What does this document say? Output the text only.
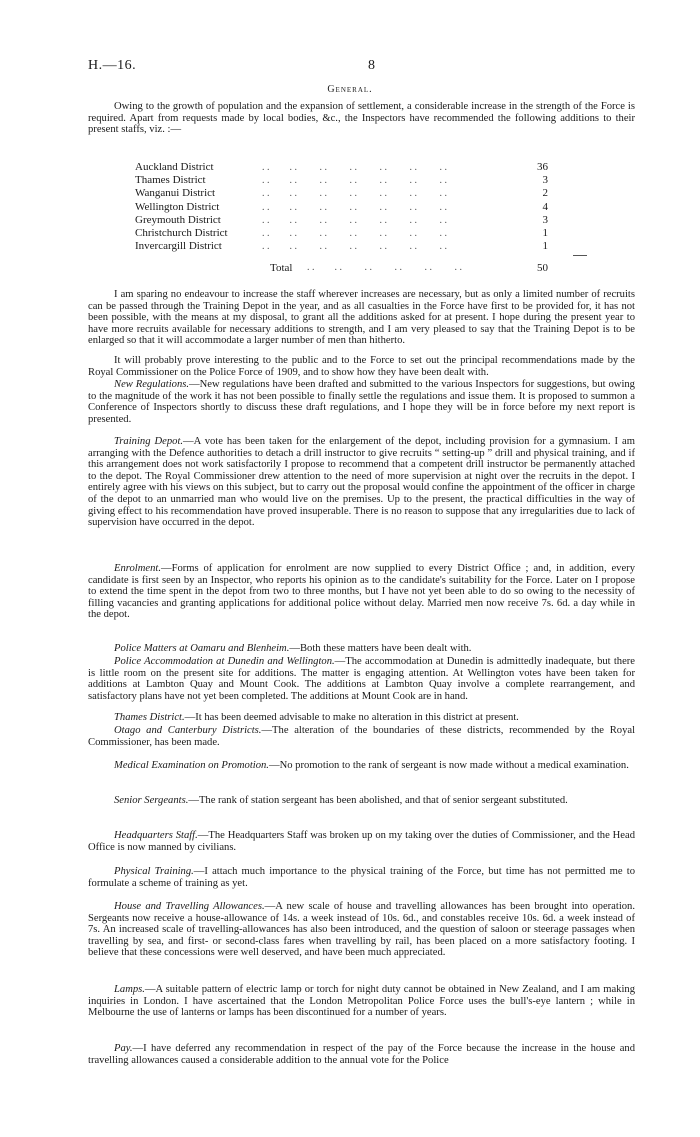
H.—16.	8
General.

Owing to the growth of population and the expansion of settlement, a considerable increase in the strength of the Force is required. Apart from requests made by local bodies, &c., the Inspectors have recommended the following additions to their present staffs, viz. :—

Auckland District	. .        . .         . .         . .         . .         . .         . .	36
Thames District	. .        . .         . .         . .         . .         . .         . .	3
Wanganui District	. .        . .         . .         . .         . .         . .         . .	2
Wellington District	. .        . .         . .         . .         . .         . .         . .	4
Greymouth District	. .        . .         . .         . .         . .         . .         . .	3
Christchurch District	. .        . .         . .         . .         . .         . .         . .	1
Invercargill District	. .        . .         . .         . .         . .         . .         . .	1
Total . .        . .         . .         . .         . .         . .	50

I am sparing no endeavour to increase the staff wherever increases are necessary, but as only a limited number of recruits can be passed through the Training Depot in the year, and as all casualties in the Force have first to be provided for, it has not been possible, with the means at my disposal, to grant all the additions asked for at present. I hope during the present year to have more recruits available for necessary additions to strength, and I am very pleased to say that the Training Depot is to be enlarged so that it will accommodate a larger number of men than hitherto.

It will probably prove interesting to the public and to the Force to set out the principal recommendations made by the Royal Commissioner on the Police Force of 1909, and to show how they have been dealt with.

New Regulations.—New regulations have been drafted and submitted to the various Inspectors for suggestions, but owing to the magnitude of the work it has not been possible to finally settle the regulations and issue them. It is proposed to summon a Conference of Inspectors shortly to discuss these draft regulations, and I hope they will be in force before my next report is presented.

Training Depot.—A vote has been taken for the enlargement of the depot, including provision for a gymnasium. I am arranging with the Defence authorities to detach a drill instructor to give recruits “ setting-up ” drill and physical training, and if this arrangement does not work satisfactorily I propose to recommend that a competent drill instructor be permanently attached to the depot. The Royal Commissioner drew attention to the need of more supervision at night over the recruits in the depot. I entirely agree with his views on this subject, but to carry out the proposal would confine the appointment of the officer in charge of the depot to an unmarried man who would live on the premises. Up to the present, the practical difficulties in the way of giving effect to his recommendation have proved insuperable. There is no reason to suppose that any irregularities due to lack of supervision have occurred in the depot.

Enrolment.—Forms of application for enrolment are now supplied to every District Office ; and, in addition, every candidate is first seen by an Inspector, who reports his opinion as to the candidate's suitability for the Force. Later on I propose to extend the time spent in the depot from two to three months, but I have not yet been able to do so owing to the necessity of filling vacancies and granting applications for additional police without delay. Married men now receive 7s. 6d. a day while in the depot.

Police Matters at Oamaru and Blenheim.—Both these matters have been dealt with.

Police Accommodation at Dunedin and Wellington.—The accommodation at Dunedin is admittedly inadequate, but there is little room on the present site for additions. The matter is engaging attention. At Wellington votes have been taken for additions at Lambton Quay and Mount Cook. The additions at Lambton Quay involve a complete rearrangement, and satisfactory plans have not yet been completed. The additions at Mount Cook are in hand.

Thames District.—It has been deemed advisable to make no alteration in this district at present.

Otago and Canterbury Districts.—The alteration of the boundaries of these districts, recommended by the Royal Commissioner, has been made.

Medical Examination on Promotion.—No promotion to the rank of sergeant is now made without a medical examination.

Senior Sergeants.—The rank of station sergeant has been abolished, and that of senior sergeant substituted.

Headquarters Staff.—The Headquarters Staff was broken up on my taking over the duties of Commissioner, and the Head Office is now manned by civilians.

Physical Training.—I attach much importance to the physical training of the Force, but time has not permitted me to formulate a scheme of training as yet.

House and Travelling Allowances.—A new scale of house and travelling allowances has been brought into operation. Sergeants now receive a house-allowance of 14s. a week instead of 10s. 6d., and constables receive 10s. 6d. a week instead of 7s. An increased scale of travelling-allowances has also been introduced, and the question of saloon or steerage passages when travelling by sea, and first- or second-class fares when travelling by rail, has been placed on a more satisfactory footing. I believe that these concessions were well deserved, and have been much appreciated.

Lamps.—A suitable pattern of electric lamp or torch for night duty cannot be obtained in New Zealand, and I am making inquiries in London. I have ascertained that the London Metropolitan Police Force uses the bull's-eye lantern ; while in Melbourne the use of lanterns or lamps has been discontinued for a number of years.

Pay.—I have deferred any recommendation in respect of the pay of the Force because the increase in the house and travelling allowances caused a considerable addition to the annual vote for the Police
